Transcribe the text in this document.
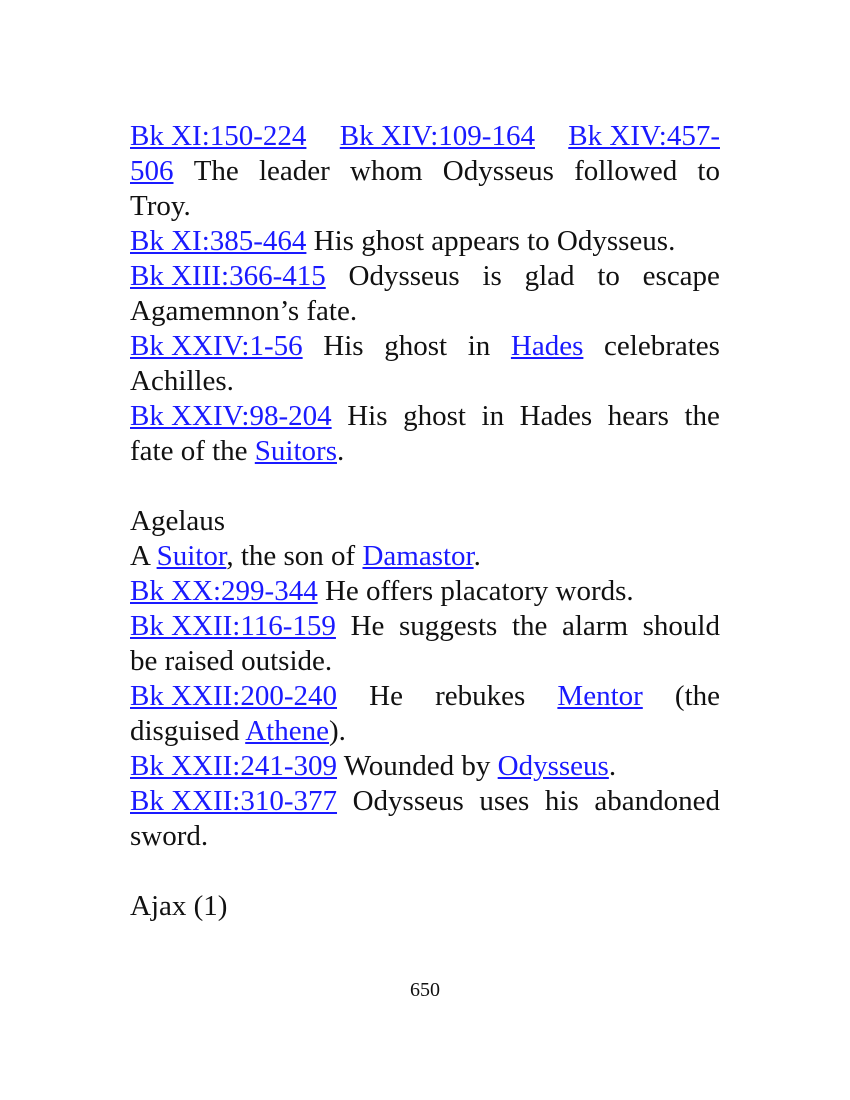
Bk XI:150-224 Bk XIV:109-164 Bk XIV:457-
506 The leader whom Odysseus followed to
Troy.
Bk XI:385-464 His ghost appears to Odysseus.
Bk XIII:366-415 Odysseus is glad to escape
Agamemnon’s fate.
Bk XXIV:1-56 His ghost in Hades celebrates
Achilles.
Bk XXIV:98-204 His ghost in Hades hears the
fate of the Suitors.
Agelaus
A Suitor, the son of Damastor.
Bk XX:299-344 He offers placatory words.
Bk XXII:116-159 He suggests the alarm should
be raised outside.
Bk XXII:200-240 He rebukes Mentor (the
disguised Athene).
Bk XXII:241-309 Wounded by Odysseus.
Bk XXII:310-377 Odysseus uses his abandoned
sword.
Ajax (1)
650
